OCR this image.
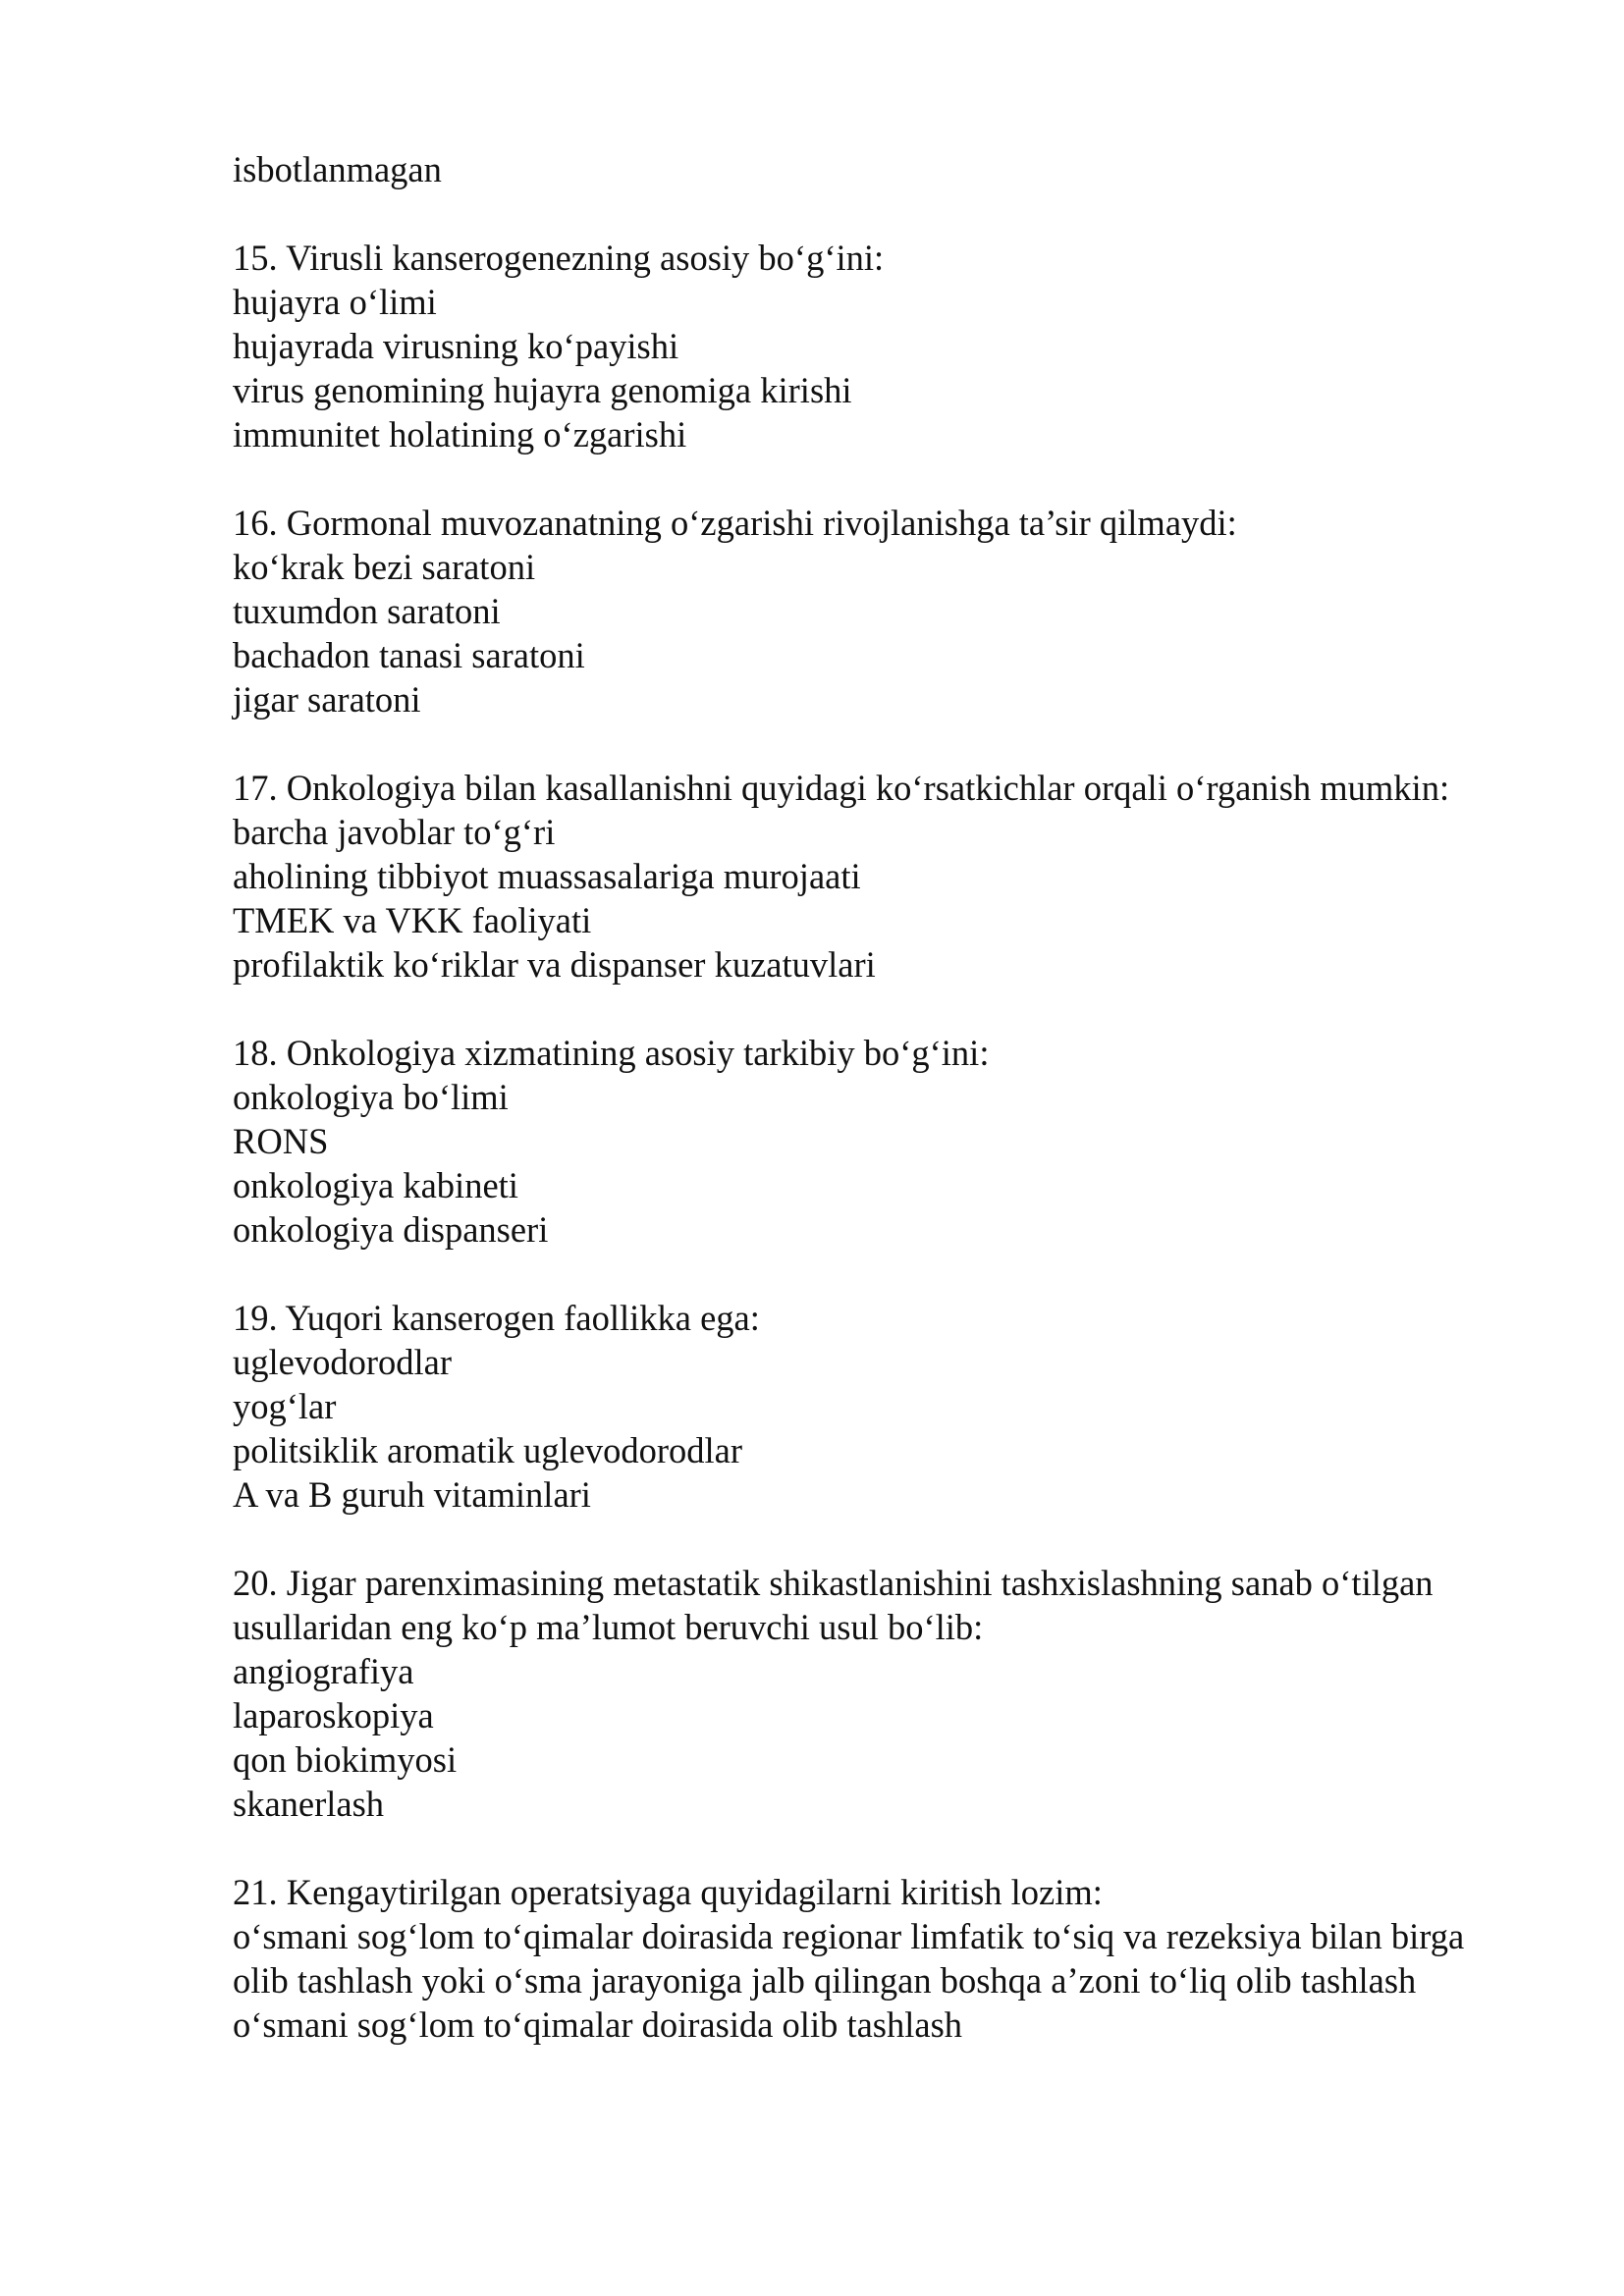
isbotlanmagan
15. Virusli kanserogenezning asosiy bo‘g‘ini:
hujayra o‘limi
hujayrada virusning ko‘payishi
virus genomining hujayra genomiga kirishi
immunitet holatining o‘zgarishi
16. Gormonal muvozanatning o‘zgarishi rivojlanishga ta’sir qilmaydi:
ko‘krak bezi saratoni
tuxumdon saratoni
bachadon tanasi saratoni
jigar saratoni
17. Onkologiya bilan kasallanishni quyidagi ko‘rsatkichlar orqali o‘rganish mumkin:
barcha javoblar to‘g‘ri
aholining tibbiyot muassasalariga murojaati
TMEK va VKK faoliyati
profilaktik ko‘riklar va dispanser kuzatuvlari
18. Onkologiya xizmatining asosiy tarkibiy bo‘g‘ini:
onkologiya bo‘limi
RONS
onkologiya kabineti
onkologiya dispanseri
19. Yuqori kanserogen faollikka ega:
uglevodorodlar
yog‘lar
politsiklik aromatik uglevodorodlar
A va B guruh vitaminlari
20. Jigar parenximasining metastatik shikastlanishini tashxislashning sanab o‘tilgan usullaridan eng ko‘p ma’lumot beruvchi usul bo‘lib:
angiografiya
laparoskopiya
qon biokimyosi
skanerlash
21. Kengaytirilgan operatsiyaga quyidagilarni kiritish lozim:
o‘smani sog‘lom to‘qimalar doirasida regionar limfatik to‘siq va rezeksiya bilan birga olib tashlash yoki o‘sma jarayoniga jalb qilingan boshqa a’zoni to‘liq olib tashlash
o‘smani sog‘lom to‘qimalar doirasida olib tashlash
